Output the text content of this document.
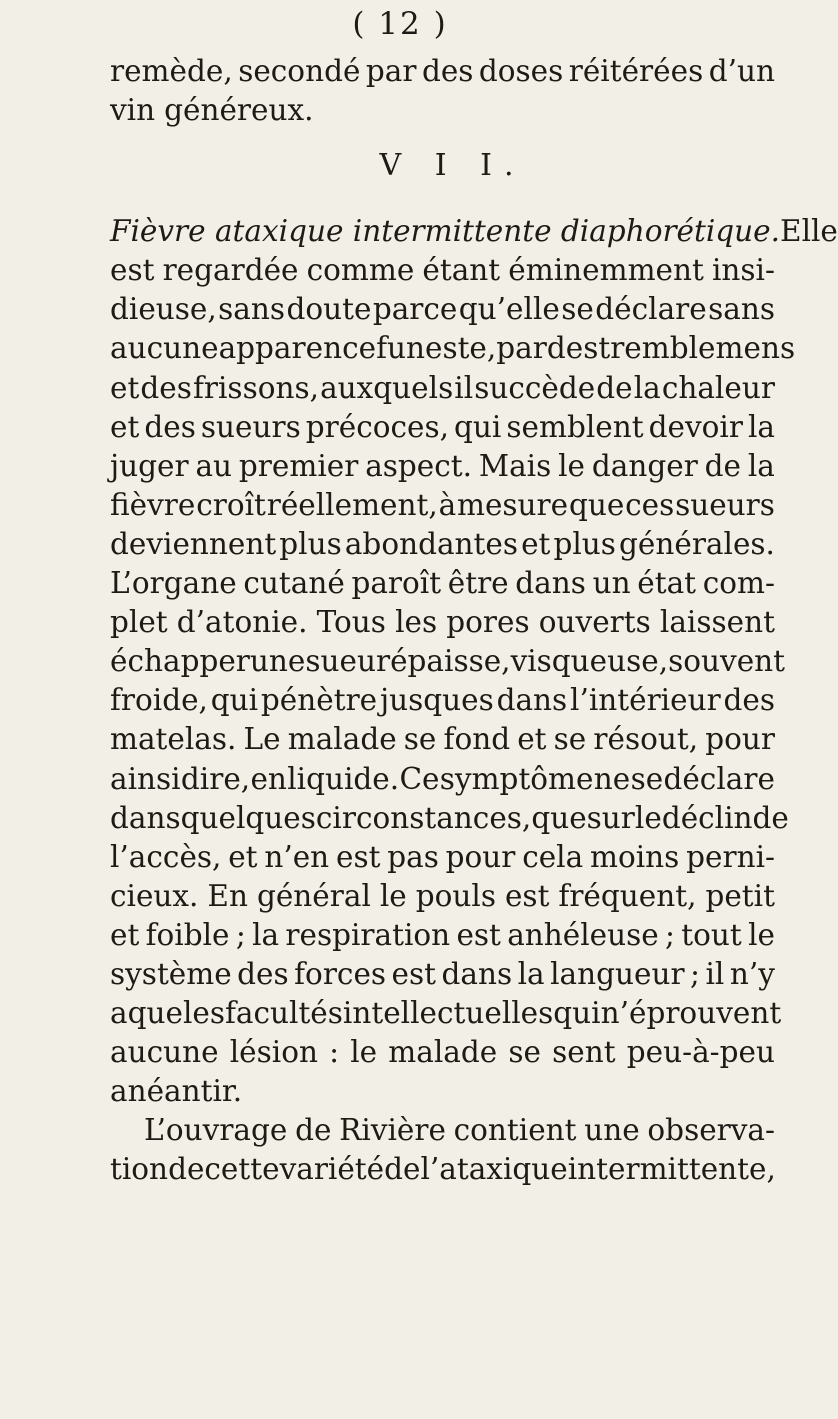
( 12 )
remède, secondé par des doses réitérées d’un
vin généreux.
V I I.
Fièvre ataxique intermittente diaphorétique. Elle
est regardée comme étant éminemment insi-
dieuse, sans doute parce qu’elle se déclare sans
aucune apparence funeste, par des tremblemens
et des frissons, auxquels il succède de la chaleur
et des sueurs précoces, qui semblent devoir la
juger au premier aspect. Mais le danger de la
fièvre croît réellement, à mesure que ces sueurs
deviennent plus abondantes et plus générales.
L’organe cutané paroît être dans un état com-
plet d’atonie. Tous les pores ouverts laissent
échapper une sueur épaisse, visqueuse, souvent
froide, qui pénètre jusques dans l’intérieur des
matelas. Le malade se fond et se résout, pour
ainsi dire, en liquide. Ce symptôme ne se déclare
dans quelques circonstances, que sur le déclin de
l’accès, et n’en est pas pour cela moins perni-
cieux. En général le pouls est fréquent, petit
et foible ; la respiration est anhéleuse ; tout le
système des forces est dans la langueur ; il n’y
a que les facultés intellectuelles qui n’éprouvent
aucune lésion : le malade se sent peu-à-peu
anéantir.
L’ouvrage de Rivière contient une observa-
tion de cette variété de l’ataxique intermittente,
